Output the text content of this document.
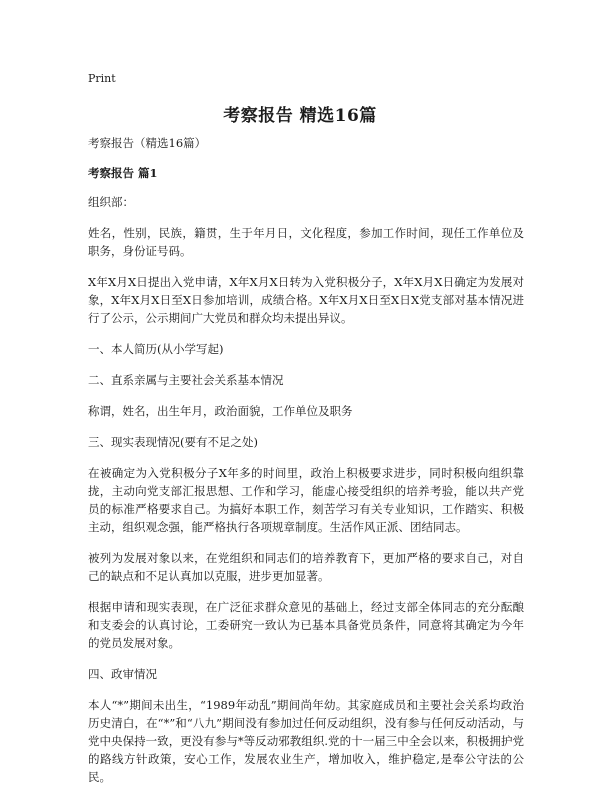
Print
考察报告 精选16篇

考察报告（精选16篇）

考察报告 篇1

组织部：

姓名，性别，民族，籍贯，生于年月日，文化程度，参加工作时间，现任工作单位及职务，身份证号码。

X年X月X日提出入党申请，X年X月X日转为入党积极分子，X年X月X日确定为发展对象，X年X月X日至X日参加培训，成绩合格。X年X月X日至X日X党支部对基本情况进行了公示，公示期间广大党员和群众均未提出异议。

一、本人简历(从小学写起)

二、直系亲属与主要社会关系基本情况

称谓，姓名，出生年月，政治面貌，工作单位及职务

三、现实表现情况(要有不足之处)

在被确定为入党积极分子X年多的时间里，政治上积极要求进步，同时积极向组织靠拢，主动向党支部汇报思想、工作和学习，能虚心接受组织的培养考验，能以共产党员的标准严格要求自己。为搞好本职工作，刻苦学习有关专业知识，工作踏实、积极主动，组织观念强，能严格执行各项规章制度。生活作风正派、团结同志。

被列为发展对象以来，在党组织和同志们的培养教育下，更加严格的要求自己，对自己的缺点和不足认真加以克服，进步更加显著。

根据申请和现实表现，在广泛征求群众意见的基础上，经过支部全体同志的充分酝酿和支委会的认真讨论，工委研究一致认为已基本具备党员条件，同意将其确定为今年的党员发展对象。

四、政审情况

本人“*”期间未出生，“1989年动乱”期间尚年幼。其家庭成员和主要社会关系均政治历史清白，在“*”和“八九”期间没有参加过任何反动组织，没有参与任何反动活动，与党中央保持一致，更没有参与*等反动邪教组织.党的十一届三中全会以来，积极拥护党的路线方针政策，安心工作，发展农业生产，增加收入，维护稳定,是奉公守法的公民。
